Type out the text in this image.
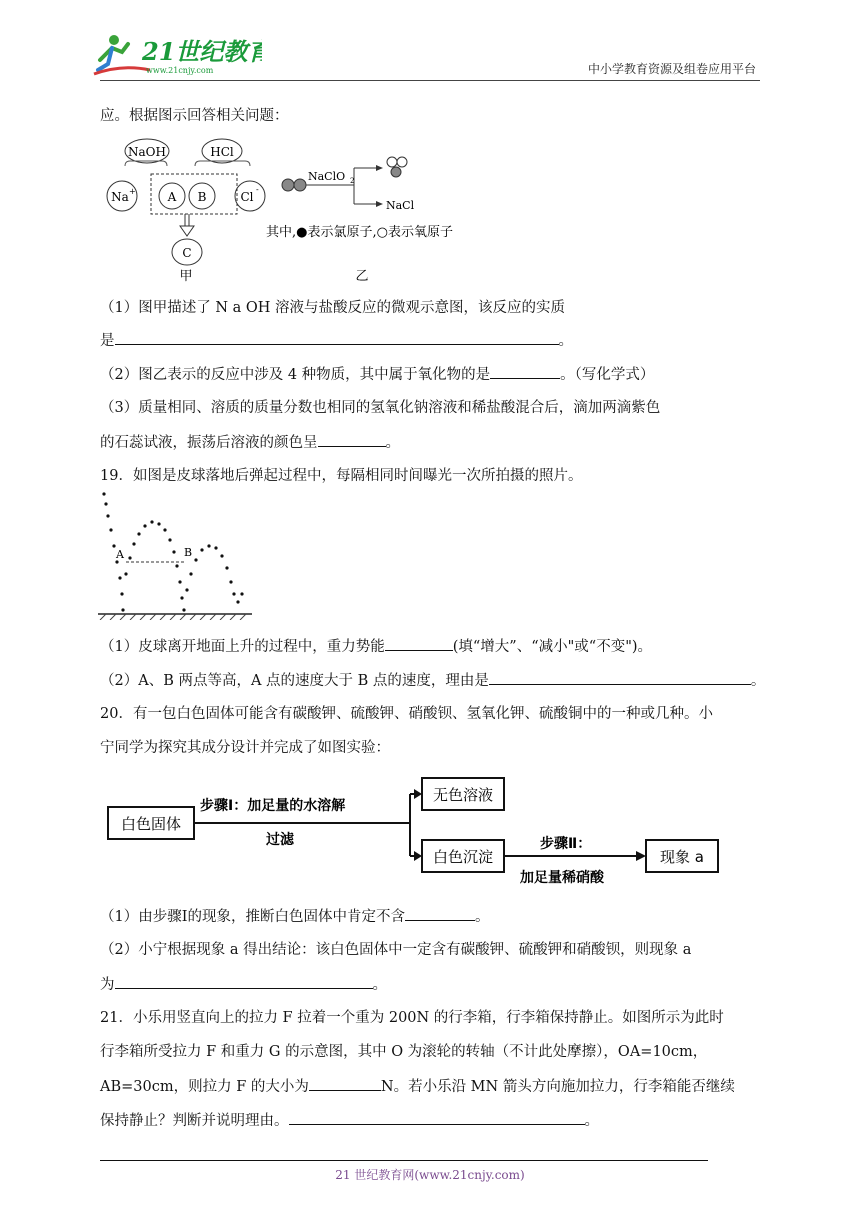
21世纪教育
www.21cnjy.com	中小学教育资源及组卷应用平台
应。根据图示回答相关问题：
NaOH	HCl
Na +	A B	Cl
-
C
甲
NaClO 2
NaCl
其中,●表示氯原子,○表示氧原子
乙
（1）图甲描述了 N a OH 溶液与盐酸反应的微观示意图，该反应的实质
是	。
（2）图乙表示的反应中涉及 4 种物质，其中属于氧化物的是	。（写化学式）
（3）质量相同、溶质的质量分数也相同的氢氧化钠溶液和稀盐酸混合后，滴加两滴紫色
的石蕊试液，振荡后溶液的颜色呈	。
19．如图是皮球落地后弹起过程中，每隔相同时间曝光一次所拍摄的照片。
A	B
（1）皮球离开地面上升的过程中，重力势能	(填“增大”、“减小"或“不变")。
（2）A、B 两点等高，A 点的速度大于 B 点的速度，理由是	。
20．有一包白色固体可能含有碳酸钾、硫酸钾、硝酸钡、氢氧化钾、硫酸铜中的一种或几种。小
宁同学为探究其成分设计并完成了如图实验：
白色固体
步骤Ⅰ：加足量的水溶解
过滤
无色溶液
白色沉淀
步骤Ⅱ：
加足量稀硝酸
现象 a
（1）由步骤Ⅰ的现象，推断白色固体中肯定不含	。
（2）小宁根据现象 a 得出结论：该白色固体中一定含有碳酸钾、硫酸钾和硝酸钡，则现象 a
为	。
21．小乐用竖直向上的拉力 F 拉着一个重为 200N 的行李箱，行李箱保持静止。如图所示为此时
行李箱所受拉力 F 和重力 G 的示意图，其中 O 为滚轮的转轴（不计此处摩擦），OA=10cm，
AB=30cm，则拉力 F 的大小为	N。若小乐沿 MN 箭头方向施加拉力，行李箱能否继续
保持静止？判断并说明理由。	。
21 世纪教育网(www.21cnjy.com)
